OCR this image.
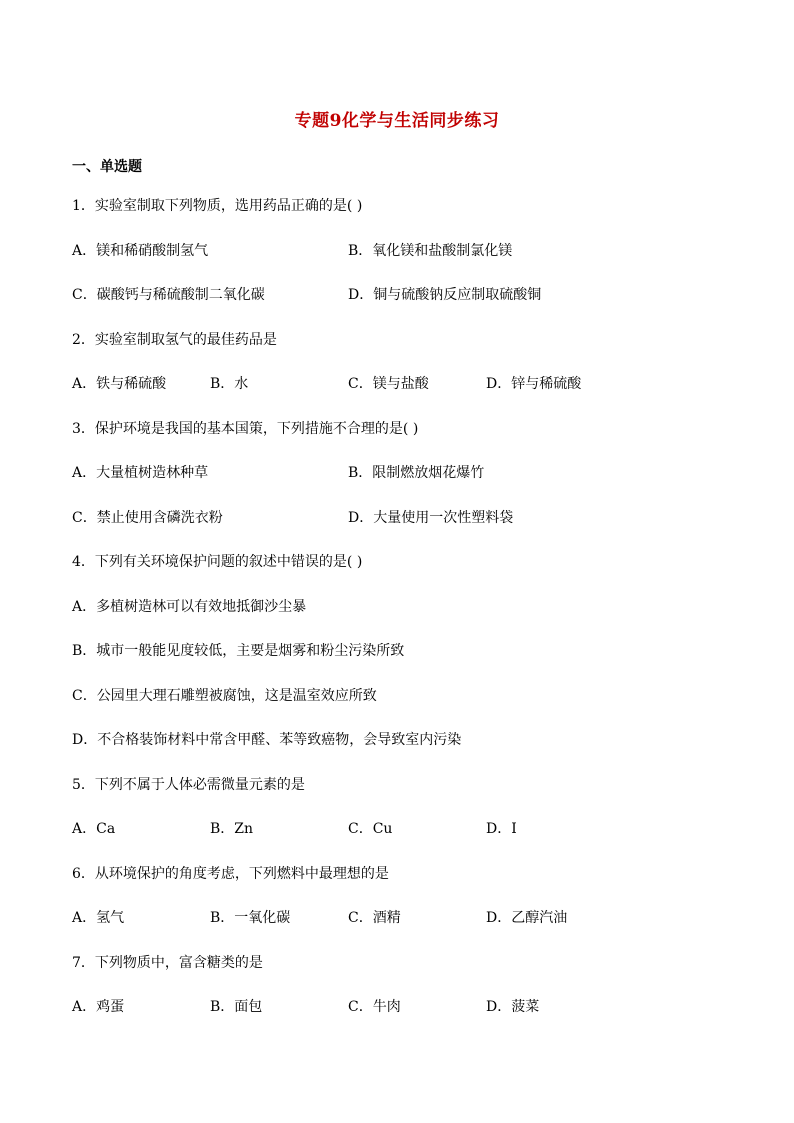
专题9化学与生活同步练习
一、单选题
1．实验室制取下列物质，选用药品正确的是( )
A．镁和稀硝酸制氢气	B．氧化镁和盐酸制氯化镁
C．碳酸钙与稀硫酸制二氧化碳	D．铜与硫酸钠反应制取硫酸铜
2．实验室制取氢气的最佳药品是
A．铁与稀硫酸	B．水	C．镁与盐酸	D．锌与稀硫酸
3．保护环境是我国的基本国策，下列措施不合理的是( )
A．大量植树造林种草	B．限制燃放烟花爆竹
C．禁止使用含磷洗衣粉	D．大量使用一次性塑料袋
4．下列有关环境保护问题的叙述中错误的是( )
A．多植树造林可以有效地抵御沙尘暴
B．城市一般能见度较低，主要是烟雾和粉尘污染所致
C．公园里大理石雕塑被腐蚀，这是温室效应所致
D．不合格装饰材料中常含甲醛、苯等致癌物，会导致室内污染
5．下列不属于人体必需微量元素的是
A．Ca	B．Zn	C．Cu	D．I
6．从环境保护的角度考虑，下列燃料中最理想的是
A．氢气	B．一氧化碳	C．酒精	D．乙醇汽油
7．下列物质中，富含糖类的是
A．鸡蛋	B．面包	C．牛肉	D．菠菜
